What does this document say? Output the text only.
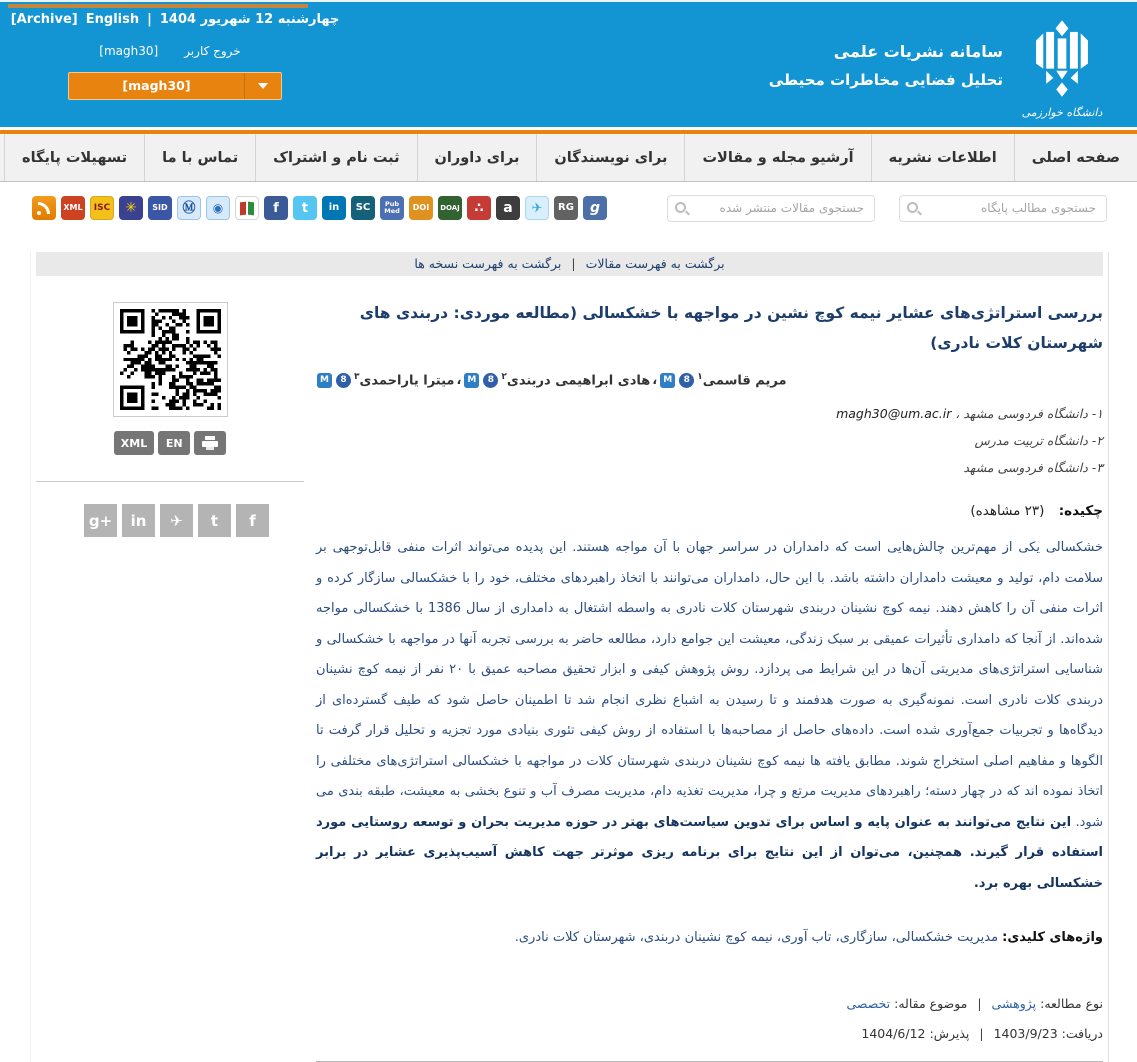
[Archive] English | چهارشنبه 12 شهریور 1404
[magh30] خروج کاربر
[magh30]
سامانه نشریات علمی
تحلیل فضایی مخاطرات محیطی
دانشگاه خوارزمی
صفحه اصلی
اطلاعات نشریه
آرشیو مجله و مقالات
برای نویسندگان
برای داوران
ثبت نام و اشتراک
تماس با ما
تسهیلات پایگاه
XML	ISC	✳	SID	Ⓜ	◉	f	t	in	SC	Pub Med	DOI	DOAJ	∴	a	✈	RG	g
جستجوی مقالات منتشر شده
جستجوی مطالب پایگاه
برگشت به فهرست مقالات | برگشت به فهرست نسخه ها
بررسی استراتژی‌های عشایر نیمه کوچ نشین در مواجهه با خشکسالی (مطالعه موردی: دربندی های شهرستان کلات نادری)
مریم قاسمی$^۱$
8
M
،
هادی ابراهیمی دربندی$^۲$
8
M
،
میترا یاراحمدی$^۳$
8
M
۱- دانشگاه فردوسی مشهد ، magh30@um.ac.ir
۲- دانشگاه تربیت مدرس
۳- دانشگاه فردوسی مشهد
چکیده: (۲۳ مشاهده)

خشکسالی یکی از مهم‌ترین چالش‌هایی است که دامداران در سراسر جهان با آن مواجه هستند. این پدیده می‌تواند اثرات منفی قابل‌توجهی بر سلامت دام، تولید و معیشت دامداران داشته باشد. با این حال، دامداران می‌توانند با اتخاذ راهبردهای مختلف، خود را با خشکسالی سازگار کرده و اثرات منفی آن را کاهش دهند. نیمه کوچ نشینان دربندی شهرستان کلات نادری به واسطه اشتغال به دامداری از سال 1386 با خشکسالی مواجه شده‌اند. از آنجا که دامداری تأثیرات عمیقی بر سبک زندگی، معیشت این جوامع دارد، مطالعه حاضر به بررسی تجربه آنها در مواجهه با خشکسالی و شناسایی استراتژی‌های مدیریتی آن‌ها در این شرایط می پردازد. روش پژوهش کیفی و ابزار تحقیق مصاحبه عمیق با ۲۰ نفر از نیمه کوچ نشینان دربندی کلات نادری است. نمونه‌گیری به صورت هدفمند و تا رسیدن به اشباع نظری انجام شد تا اطمینان حاصل شود که طیف گسترده‌ای از دیدگاه‌ها و تجربیات جمع‌آوری شده است. داده‌های حاصل از مصاحبه‌ها با استفاده از روش کیفی تئوری بنیادی مورد تجزیه و تحلیل قرار گرفت تا الگوها و مفاهیم اصلی استخراج شوند. مطابق یافته ها نیمه کوچ نشینان دربندی شهرستان کلات در مواجهه با خشکسالی استراتژی‌های مختلفی را اتخاذ نموده اند که در چهار دسته؛ راهبردهای مدیریت مرتع و چرا، مدیریت تغذیه دام، مدیریت مصرف آب و تنوع بخشی به معیشت، طبقه بندی می شود. این نتایج می‌توانند به عنوان پایه و اساس برای تدوین سیاست‌های بهتر در حوزه مدیریت بحران و توسعه روستایی مورد استفاده قرار گیرند. همچنین، می‌توان از این نتایج برای برنامه ریزی موثرتر جهت کاهش آسیب‌پذیری عشایر در برابر خشکسالی بهره برد.

واژه‌های کلیدی: مدیریت خشکسالی، سازگاری، تاب آوری، نیمه کوچ نشینان دربندی، شهرستان کلات نادری.
نوع مطالعه: پژوهشی | موضوع مقاله: تخصصی
دریافت: 1403/9/23 | پذیرش: 1404/6/12
XML	EN
g+	in	✈	t	f
